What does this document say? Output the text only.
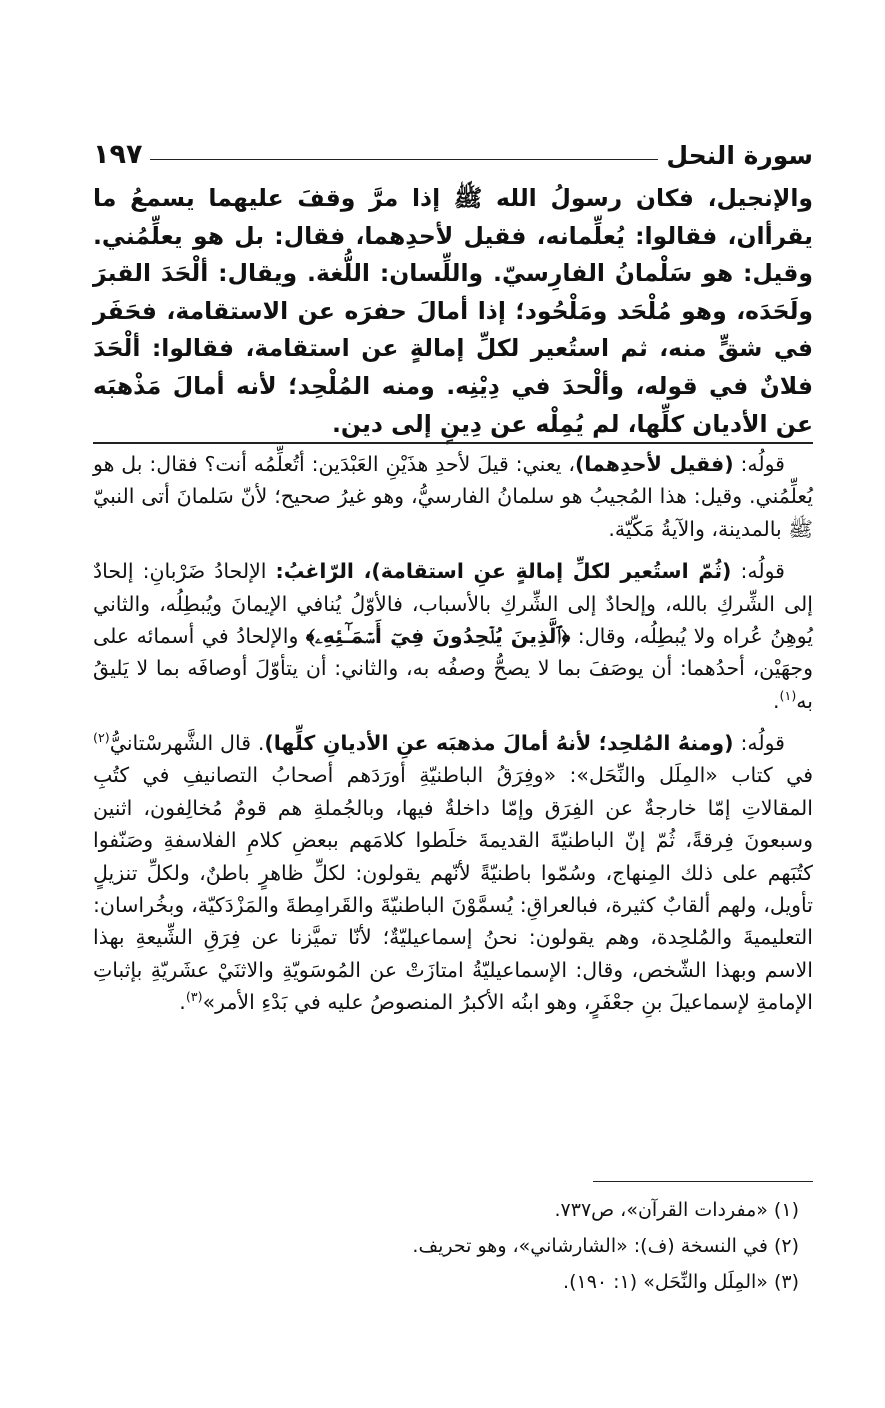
سورة النحل
١٩٧

والإنجيل، فكان رسولُ الله ﷺ إذا مرَّ وقفَ عليهما يسمعُ ما يقرأان، فقالوا: يُعلِّمانه، فقيل لأحدِهما، فقال: بل هو يعلِّمُني. وقيل: هو سَلْمانُ الفارِسيّ. واللِّسان: اللُّغة. ويقال: ألْحَدَ القبرَ ولَحَدَه، وهو مُلْحَد ومَلْحُود؛ إذا أمالَ حفرَه عن الاستقامة، فحَفَر في شقٍّ منه، ثم استُعير لكلِّ إمالةٍ عن استقامة، فقالوا: ألْحَدَ فلانٌ في قوله، وألْحدَ في دِيْنِه. ومنه المُلْحِد؛ لأنه أمالَ مَذْهبَه عن الأديان كلِّها، لم يُمِلْه عن دِينٍ إلى دين.

قولُه: (فقيل لأحدِهما)، يعني: قيلَ لأحدِ هذَيْنِ العَبْدَين: أتُعلِّمُه أنت؟ فقال: بل هو يُعلِّمُني. وقيل: هذا المُجيبُ هو سلمانُ الفارسيُّ، وهو غيرُ صحيح؛ لأنّ سَلمانَ أتى النبيّ ﷺ بالمدينة، والآيةُ مَكّيّة.

قولُه: (ثُمّ استُعير لكلِّ إمالةٍ عنِ استقامة)، الرّاغبُ: الإلحادُ ضَرْبانِ: إلحادٌ إلى الشِّركِ بالله، وإلحادٌ إلى الشِّركِ بالأسباب، فالأوّلُ يُنافي الإيمانَ ويُبطِلُه، والثاني يُوهِنُ عُراه ولا يُبطِلُه، وقال: ﴿ٱلَّذِينَ يُلۡحِدُونَ فِيٓ أَسۡمَـٰٓئِهِۦ﴾ والإلحادُ في أسمائه على وجهَيْن، أحدُهما: أن يوصَفَ بما لا يصحُّ وصفُه به، والثاني: أن يتأوّلَ أوصافَه بما لا يَليقُ به$^{(١)}$.

قولُه: (ومنهُ المُلحِد؛ لأنهُ أمالَ مذهبَه عنِ الأديانِ كلِّها). قال الشَّهرسْتانيُّ$^{(٢)}$ في كتاب «المِلَل والنِّحَل»: «وفِرَقُ الباطنيّةِ أورَدَهم أصحابُ التصانيفِ في كتُبِ المقالاتِ إمّا خارجةٌ عن الفِرَق وإمّا داخلةٌ فيها، وبالجُملةِ هم قومٌ مُخالِفون، اثنين وسبعونَ فِرقةً، ثُمّ إنّ الباطنيّةَ القديمةَ خلَطوا كلامَهم ببعضِ كلامِ الفلاسفةِ وصَنّفوا كتُبَهم على ذلك المِنهاج، وسُمّوا باطنيّةً لأنّهم يقولون: لكلِّ ظاهرٍ باطنٌ، ولكلِّ تنزيلٍ تأويل، ولهم ألقابٌ كثيرة، فبالعراقِ: يُسمَّوْنَ الباطنيّةَ والقَرامِطةَ والمَزْدَكيّة، وبخُراسان: التعليميةَ والمُلحِدة، وهم يقولون: نحنُ إسماعيليّةٌ؛ لأنّا تميَّزنا عن فِرَقِ الشِّيعةِ بهذا الاسم وبهذا الشّخص، وقال: الإسماعيليّةُ امتازَتْ عن المُوسَويّةِ والاثنَيْ عشَريّةِ بإثباتِ الإمامةِ لإسماعيلَ بنِ جعْفَرٍ، وهو ابنُه الأكبرُ المنصوصُ عليه في بَدْءِ الأمر»$^{(٣)}$.

(١) «مفردات القرآن»، ص٧٣٧.
(٢) في النسخة (ف): «الشارشاني»، وهو تحريف.
(٣) «المِلَل والنِّحَل» (١: ١٩٠).
